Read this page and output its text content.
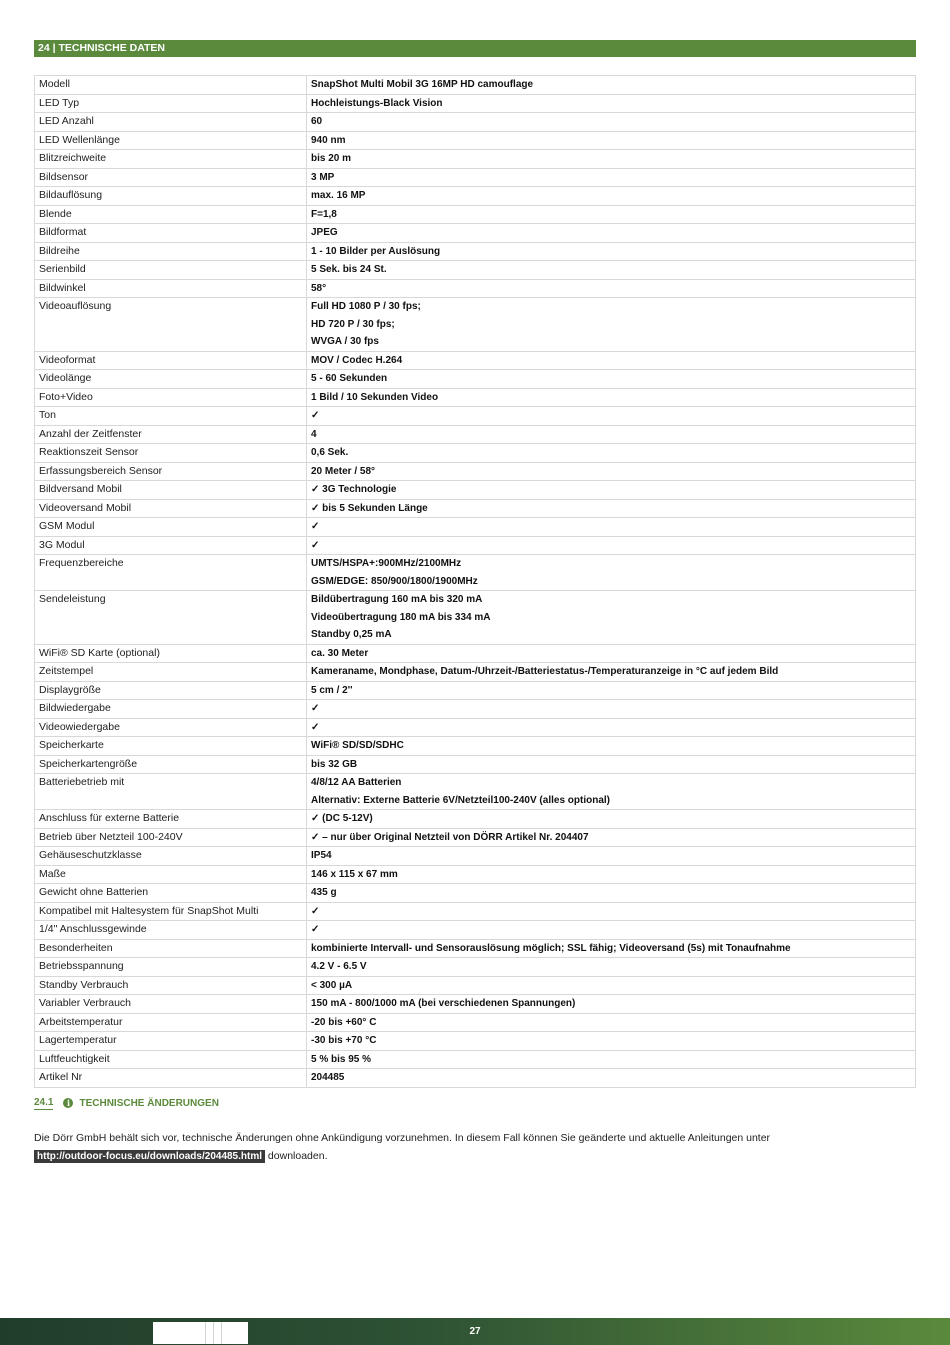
24 | TECHNISCHE DATEN
Modell	SnapShot Multi Mobil 3G 16MP HD camouflage

LED Typ	Hochleistungs-Black Vision

LED Anzahl	60

LED Wellenlänge	940 nm

Blitzreichweite	bis 20 m

Bildsensor	3 MP

Bildauflösung	max. 16 MP

Blende	F=1,8

Bildformat	JPEG

Bildreihe	1 - 10 Bilder per Auslösung

Serienbild	5 Sek. bis 24 St.

Bildwinkel	58°

Videoauflösung	Full HD 1080 P / 30 fps;
HD 720 P / 30 fps;
WVGA / 30 fps

Videoformat	MOV / Codec H.264

Videolänge	5 - 60 Sekunden

Foto+Video	1 Bild / 10 Sekunden Video

Ton	✓

Anzahl der Zeitfenster	4

Reaktionszeit Sensor	0,6 Sek.

Erfassungsbereich Sensor	20 Meter / 58°

Bildversand Mobil	✓ 3G Technologie

Videoversand Mobil	✓ bis 5 Sekunden Länge

GSM Modul	✓

3G Modul	✓

Frequenzbereiche	UMTS/HSPA+:900MHz/2100MHz
GSM/EDGE: 850/900/1800/1900MHz

Sendeleistung	Bildübertragung 160 mA bis 320 mA
Videoübertragung 180 mA bis 334 mA
Standby 0,25 mA

WiFi® SD Karte (optional)	ca. 30 Meter

Zeitstempel	Kameraname, Mondphase, Datum-/Uhrzeit-/Batteriestatus-/Temperaturanzeige in °C auf jedem Bild

Displaygröße	5 cm / 2''

Bildwiedergabe	✓

Videowiedergabe	✓

Speicherkarte	WiFi® SD/SD/SDHC

Speicherkartengröße	bis 32 GB

Batteriebetrieb mit	4/8/12 AA Batterien
Alternativ: Externe Batterie 6V/Netzteil100-240V (alles optional)

Anschluss für externe Batterie	✓ (DC 5-12V)

Betrieb über Netzteil 100-240V	✓ – nur über Original Netzteil von DÖRR Artikel Nr. 204407

Gehäuseschutzklasse	IP54

Maße	146 x 115 x 67 mm

Gewicht ohne Batterien	435 g

Kompatibel mit Haltesystem für SnapShot Multi	✓

1/4" Anschlussgewinde	✓

Besonderheiten	kombinierte Intervall- und Sensorauslösung möglich; SSL fähig; Videoversand (5s) mit Tonaufnahme

Betriebsspannung	4.2 V - 6.5 V

Standby Verbrauch	< 300 µA

Variabler Verbrauch	150 mA - 800/1000 mA (bei verschiedenen Spannungen)

Arbeitstemperatur	-20 bis +60° C

Lagertemperatur	-30 bis +70 °C

Luftfeuchtigkeit	5 % bis 95 %

Artikel Nr	204485
24.1	i TECHNISCHE ÄNDERUNGEN
Die Dörr GmbH behält sich vor, technische Änderungen ohne Ankündigung vorzunehmen. In diesem Fall können Sie geänderte und aktuelle Anleitungen unter
http://outdoor-focus.eu/downloads/204485.html downloaden.
27
